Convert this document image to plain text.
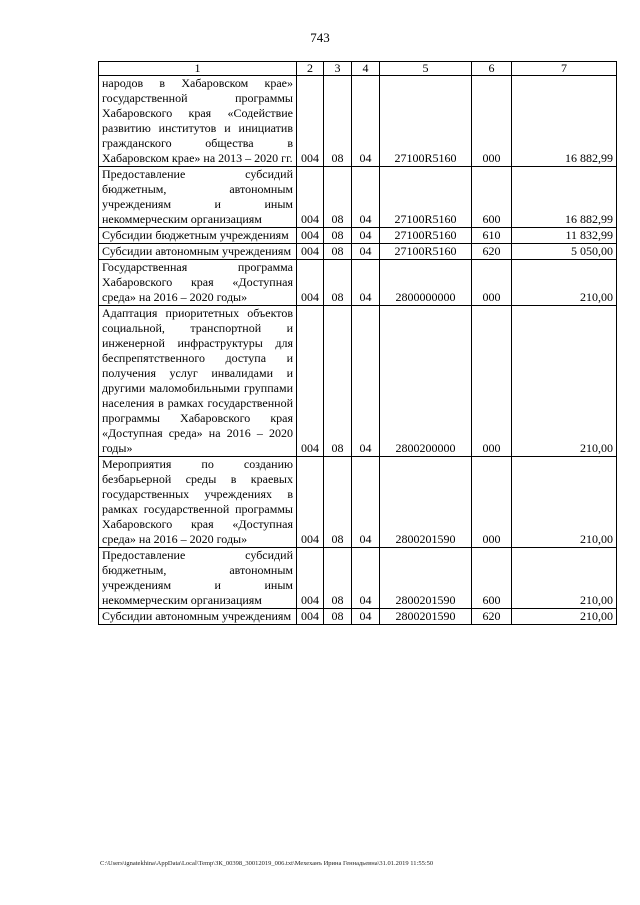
743
1	2	3	4	5	6	7
народов в Хабаровском крае» государственной программы Хабаровского края «Содействие развитию институтов и инициатив гражданского общества в Хабаровском крае» на 2013 – 2020 гг.	004	08	04	27100R5160	000	16 882,99
Предоставление субсидий бюджетным, автономным учреждениям и иным некоммерческим организациям	004	08	04	27100R5160	600	16 882,99
Субсидии бюджетным учреждениям	004	08	04	27100R5160	610	11 832,99
Субсидии автономным учреждениям	004	08	04	27100R5160	620	5 050,00
Государственная программа Хабаровского края «Доступная среда» на 2016 – 2020 годы»	004	08	04	2800000000	000	210,00
Адаптация приоритетных объектов социальной, транспортной и инженерной инфраструктуры для беспрепятственного доступа и получения услуг инвалидами и другими маломобильными группами населения в рамках государственной программы Хабаровского края «Доступная среда» на 2016 – 2020 годы»	004	08	04	2800200000	000	210,00
Мероприятия по созданию безбарьерной среды в краевых государственных учреждениях в рамках государственной программы Хабаровского края «Доступная среда» на 2016 – 2020 годы»	004	08	04	2800201590	000	210,00
Предоставление субсидий бюджетным, автономным учреждениям и иным некоммерческим организациям	004	08	04	2800201590	600	210,00
Субсидии автономным учреждениям	004	08	04	2800201590	620	210,00
C:\Users\ignatekhina\AppData\Local\Temp\ЗК_00398_30012019_006.txt\Мехеханъ Ирина Геннадьевна\31.01.2019 11:55:50
